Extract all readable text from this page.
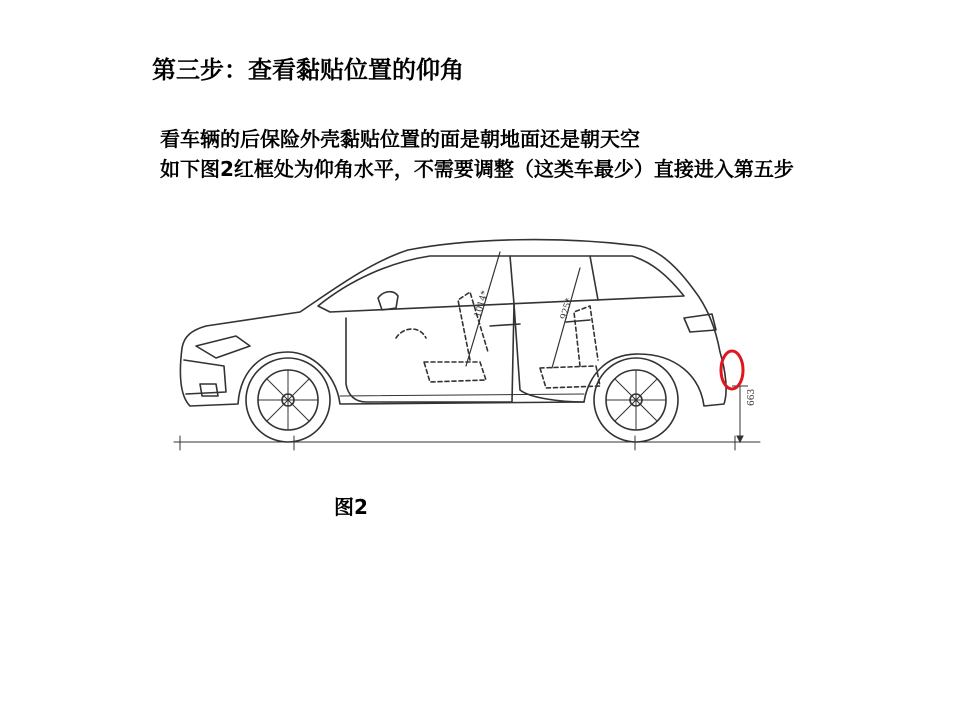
第三步：查看黏贴位置的仰角

看车辆的后保险外壳黏贴位置的面是朝地面还是朝天空

如下图2红框处为仰角水平，不需要调整（这类车最少）直接进入第五步

1014*	925*
663
图2
